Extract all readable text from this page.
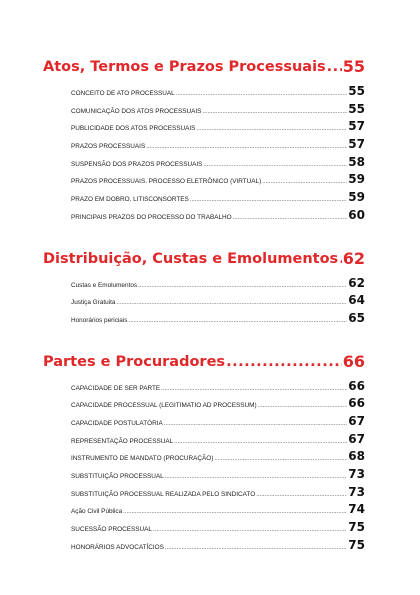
Atos, Termos e Prazos Processuais ..... 55
CONCEITO DE ATO PROCESSUAL .....	55
COMUNICAÇÃO DOS ATOS PROCESSUAIS .....	55
PUBLICIDADE DOS ATOS PROCESSUAIS .....	57
PRAZOS PROCESSUAIS .....	57
SUSPENSÃO DOS PRAZOS PROCESSUAIS .....	58
PRAZOS PROCESSUAIS. PROCESSO ELETRÔNICO (VIRTUAL) .....	59
PRAZO EM DOBRO. LITISCONSORTES .....	59
PRINCIPAIS PRAZOS DO PROCESSO DO TRABALHO .....	60
Distribuição, Custas e Emolumentos ..... 62
Custas e Emolumentos .....	62
Justiça Gratuita .....	64
Honorários periciais .....	65
Partes e Procuradores .....	66
CAPACIDADE DE SER PARTE .....	66
CAPACIDADE PROCESSUAL (LEGITIMATIO AD PROCESSUM) .....	66
CAPACIDADE POSTULATÓRIA .....	67
REPRESENTAÇÃO PROCESSUAL .....	67
INSTRUMENTO DE MANDATO (PROCURAÇÃO) .....	68
SUBSTITUIÇÃO PROCESSUAL .....	73
SUBSTITUIÇÃO PROCESSUAL REALIZADA PELO SINDICATO .....	73
Ação Civil Pública .....	74
SUCESSÃO PROCESSUAL .....	75
HONORÁRIOS ADVOCATÍCIOS .....	75
